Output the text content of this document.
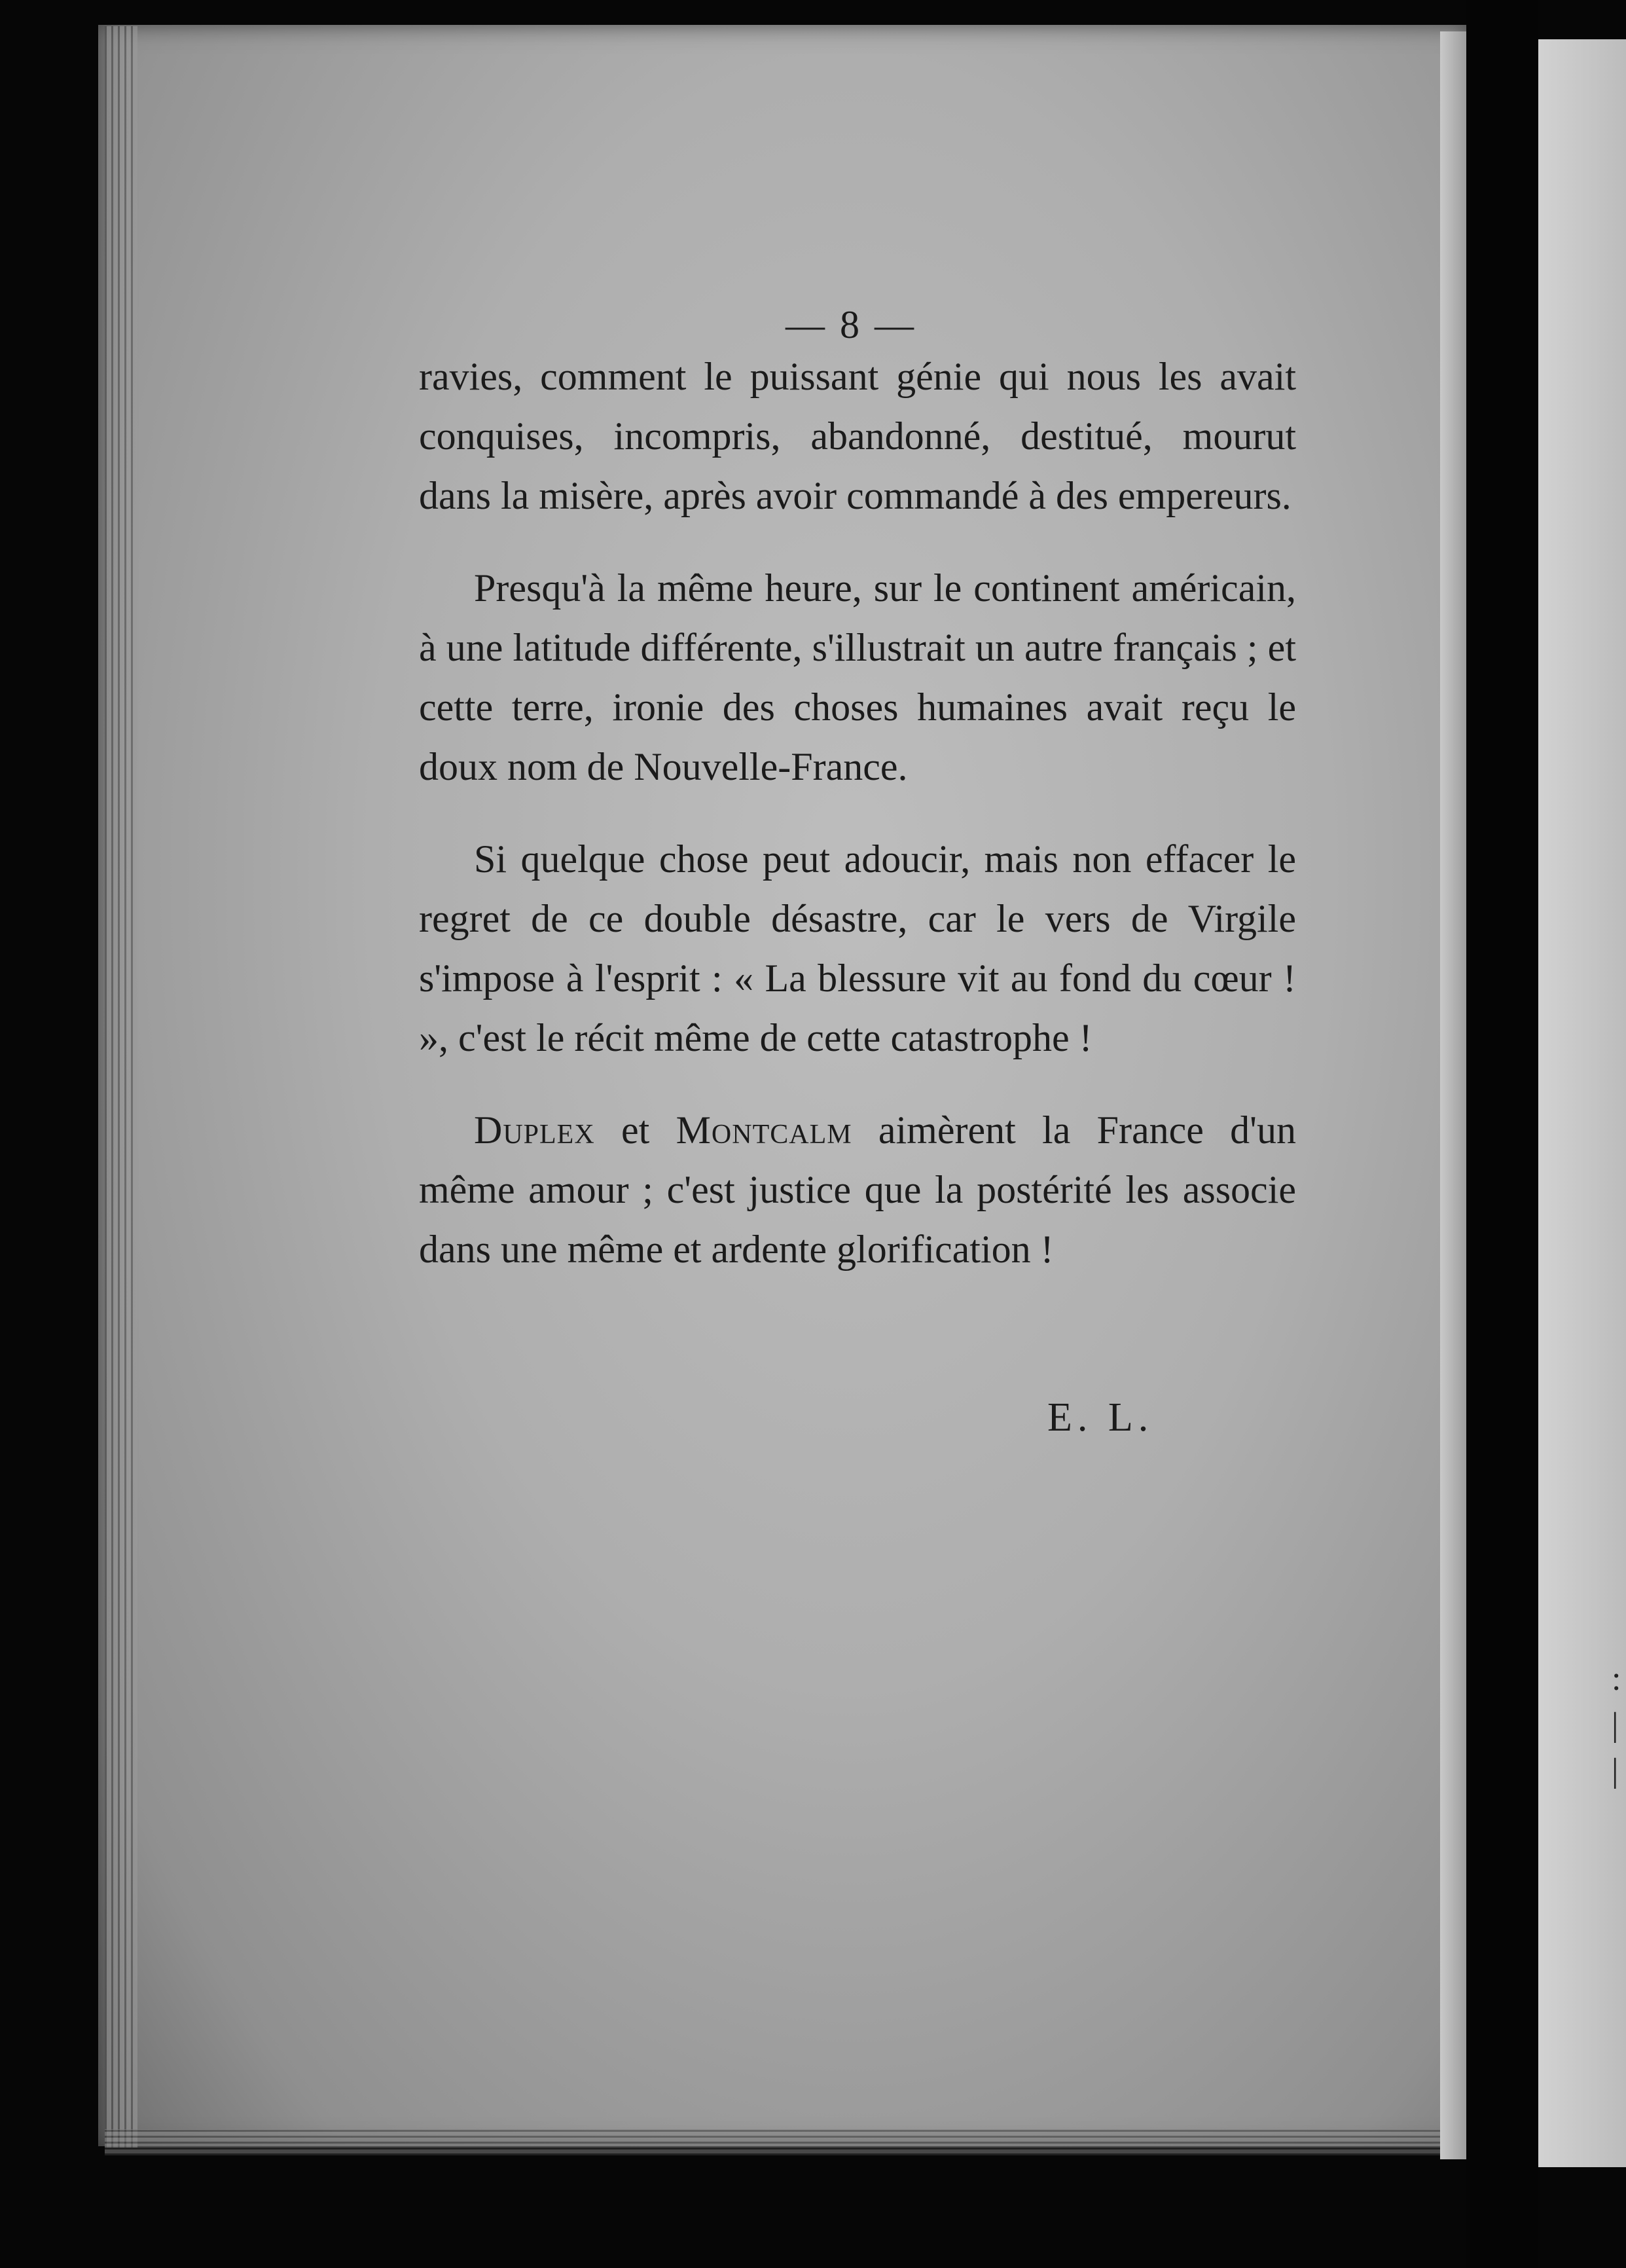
:
|
|
— 8 —

ravies, comment le puissant génie qui nous les avait conquises, incompris, abandonné, destitué, mourut dans la misère, après avoir commandé à des empereurs.

Presqu'à la même heure, sur le continent américain, à une latitude différente, s'illustrait un autre français ; et cette terre, ironie des choses humaines avait reçu le doux nom de Nouvelle-France.

Si quelque chose peut adoucir, mais non effacer le regret de ce double désastre, car le vers de Virgile s'impose à l'esprit : « La blessure vit au fond du cœur ! », c'est le récit même de cette catastrophe !

Duplex et Montcalm aimèrent la France d'un même amour ; c'est justice que la postérité les associe dans une même et ardente glorification !

E. L.
